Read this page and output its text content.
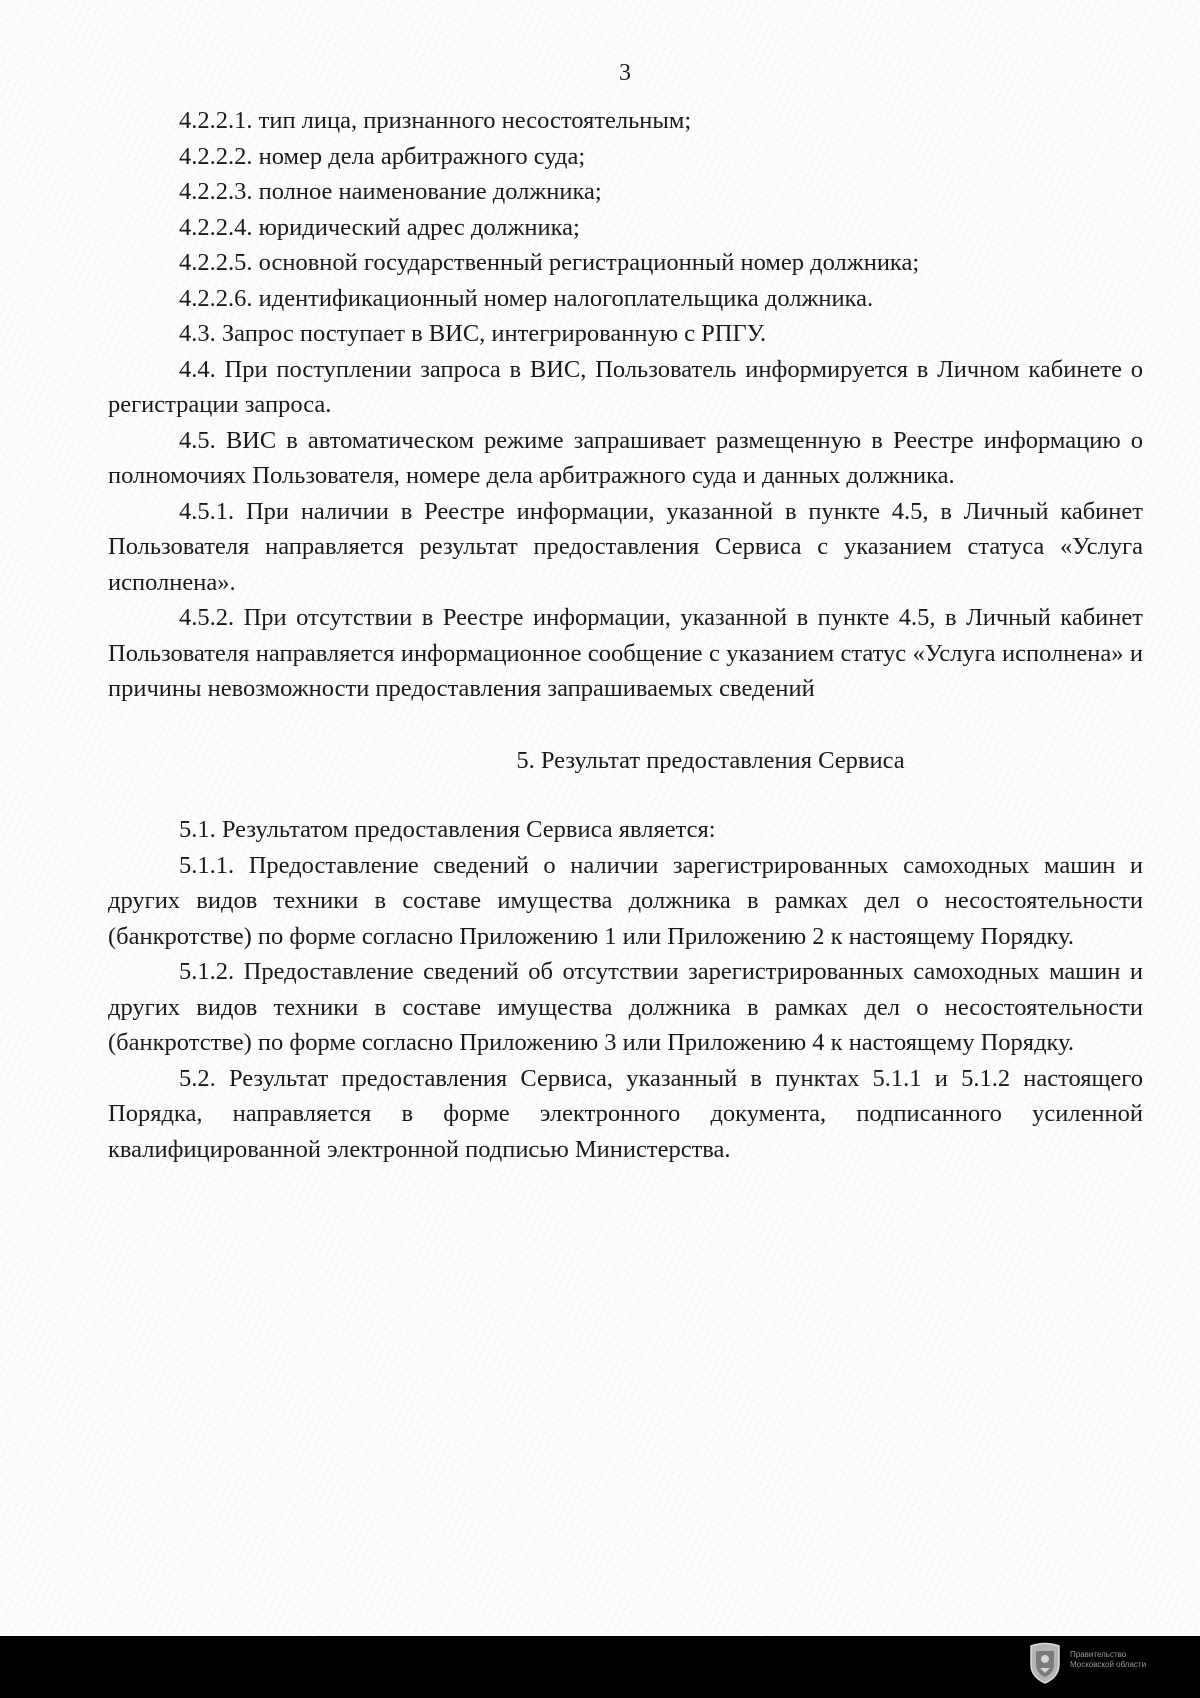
3

4.2.2.1. тип лица, признанного несостоятельным;

4.2.2.2. номер дела арбитражного суда;

4.2.2.3. полное наименование должника;

4.2.2.4. юридический адрес должника;

4.2.2.5. основной государственный регистрационный номер должника;

4.2.2.6. идентификационный номер налогоплательщика должника.

4.3. Запрос поступает в ВИС, интегрированную с РПГУ.

4.4. При поступлении запроса в ВИС, Пользователь информируется в Личном кабинете о регистрации запроса.

4.5. ВИС в автоматическом режиме запрашивает размещенную в Реестре информацию о полномочиях Пользователя, номере дела арбитражного суда и данных должника.

4.5.1. При наличии в Реестре информации, указанной в пункте 4.5, в Личный кабинет Пользователя направляется результат предоставления Сервиса с указанием статуса «Услуга исполнена».

4.5.2. При отсутствии в Реестре информации, указанной в пункте 4.5, в Личный кабинет Пользователя направляется информационное сообщение с указанием статус «Услуга исполнена» и причины невозможности предоставления запрашиваемых сведений

5. Результат предоставления Сервиса

5.1. Результатом предоставления Сервиса является:

5.1.1. Предоставление сведений о наличии зарегистрированных самоходных машин и других видов техники в составе имущества должника в рамках дел о несостоятельности (банкротстве) по форме согласно Приложению 1 или Приложению 2 к настоящему Порядку.

5.1.2. Предоставление сведений об отсутствии зарегистрированных самоходных машин и других видов техники в составе имущества должника в рамках дел о несостоятельности (банкротстве) по форме согласно Приложению 3 или Приложению 4 к настоящему Порядку.

5.2. Результат предоставления Сервиса, указанный в пунктах 5.1.1 и 5.1.2 настоящего Порядка, направляется в форме электронного документа, подписанного усиленной квалифицированной электронной подписью Министерства.

Правительство
Московской области
